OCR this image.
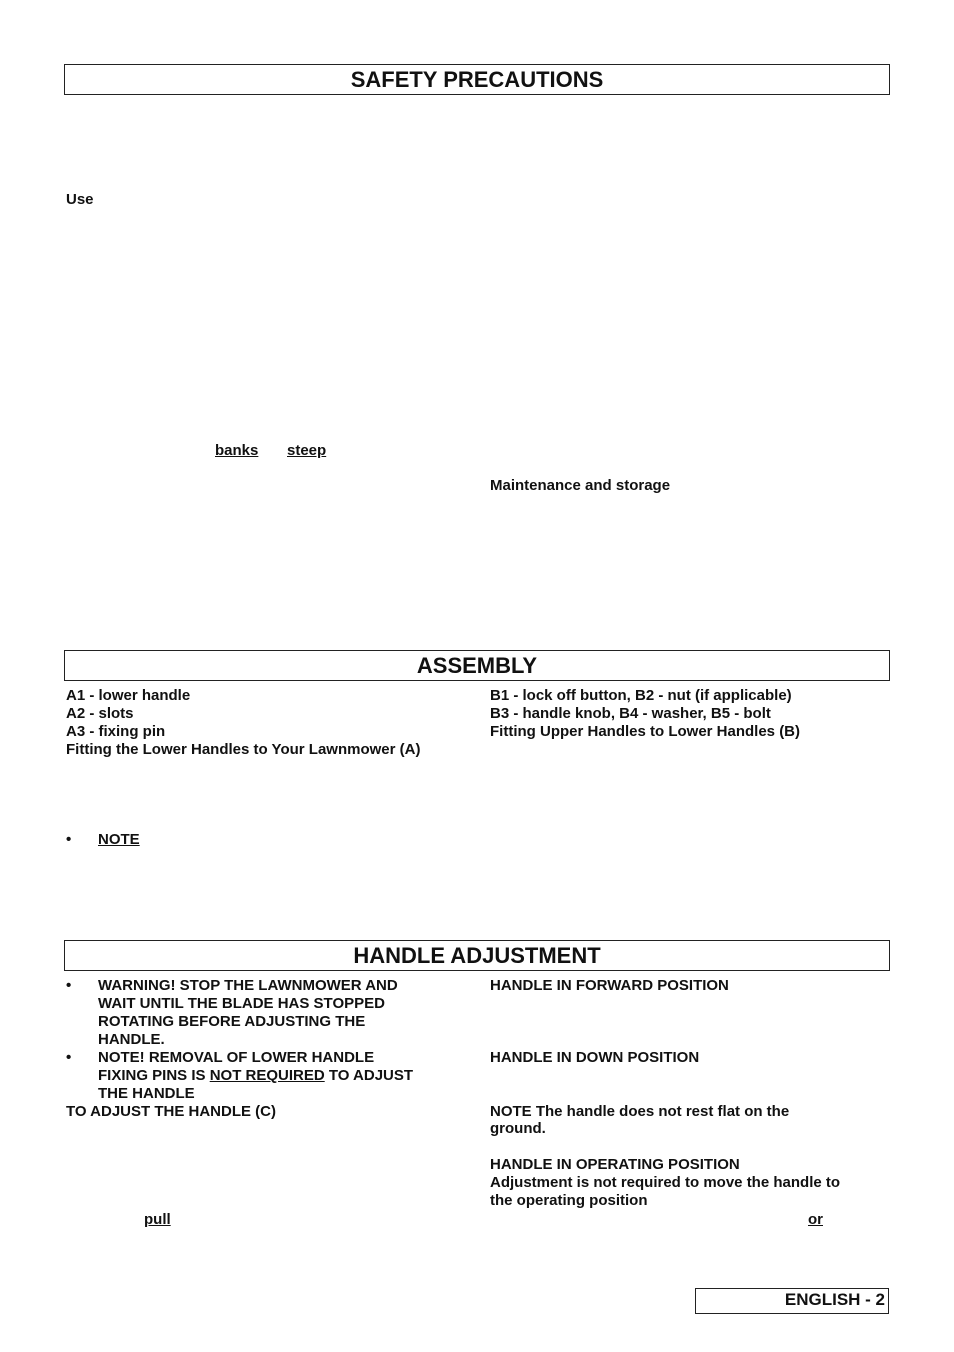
SAFETY PRECAUTIONS
Use
banks steep
Maintenance and storage
ASSEMBLY
A1 - lower handle
A2 - slots
A3 - fixing pin
Fitting the Lower Handles to Your Lawnmower (A)
B1 - lock off button, B2 - nut (if applicable)
B3 - handle knob, B4 - washer, B5 - bolt
Fitting Upper Handles to Lower Handles (B)
• NOTE
HANDLE ADJUSTMENT
• WARNING! STOP THE LAWNMOWER AND
WAIT UNTIL THE BLADE HAS STOPPED
ROTATING BEFORE ADJUSTING THE
HANDLE.
• NOTE! REMOVAL OF LOWER HANDLE
FIXING PINS IS NOT REQUIRED TO ADJUST
THE HANDLE
TO ADJUST THE HANDLE (C)
pull
HANDLE IN FORWARD POSITION
HANDLE IN DOWN POSITION
NOTE The handle does not rest flat on the
ground.
HANDLE IN OPERATING POSITION
Adjustment is not required to move the handle to
the operating position
or
ENGLISH - 2
